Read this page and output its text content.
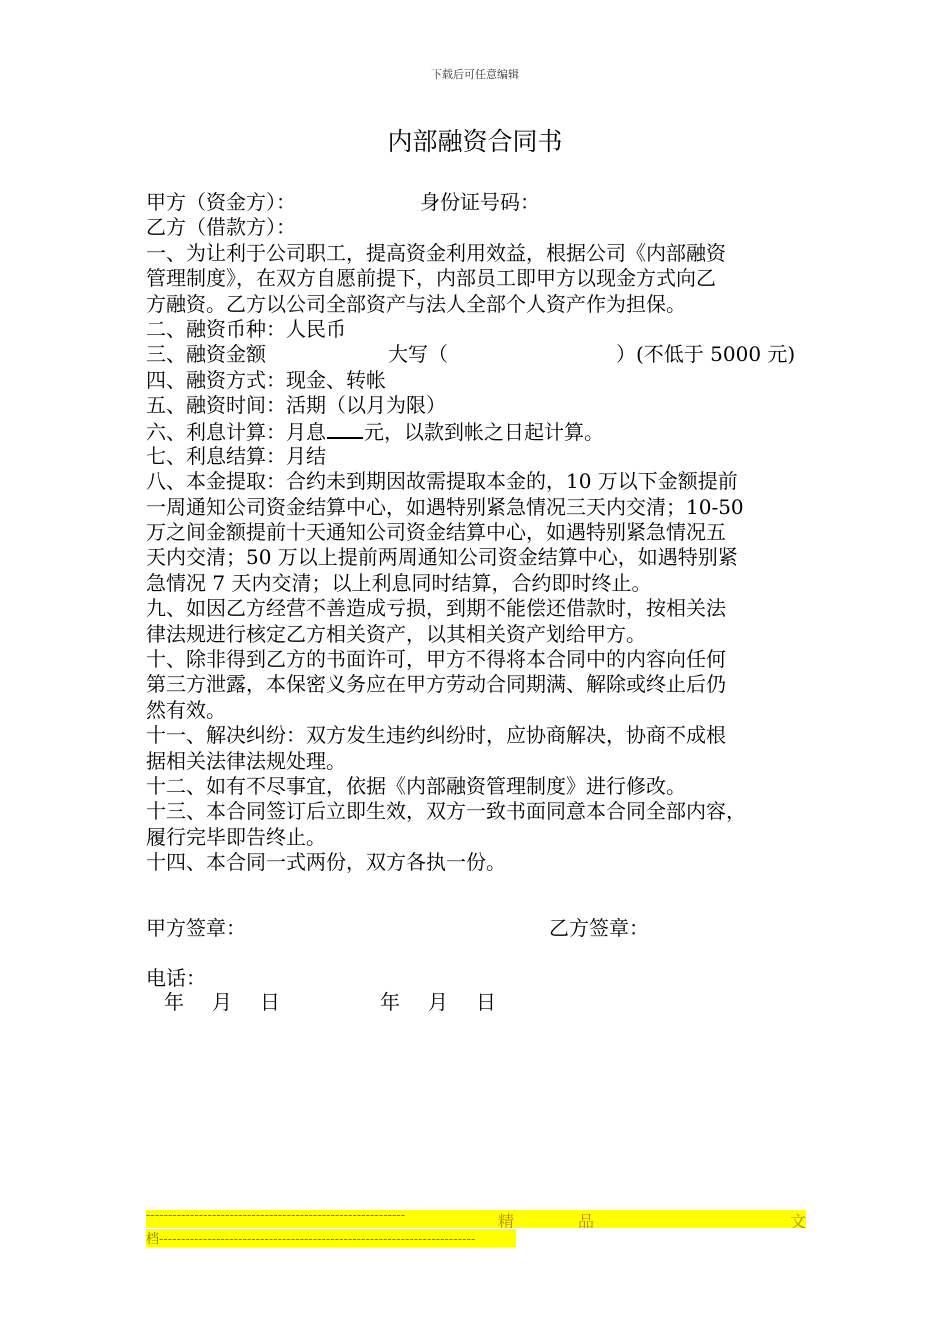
下载后可任意编辑
内部融资合同书
甲方（资金方）：	身份证号码：
乙方（借款方）：
一、为让利于公司职工，提高资金利用效益，根据公司《内部融资
管理制度》，在双方自愿前提下，内部员工即甲方以现金方式向乙
方融资。乙方以公司全部资产与法人全部个人资产作为担保。
二、融资币种：人民币
三、融资金额	大写（	）(不低于 5000 元)
四、融资方式：现金、转帐
五、融资时间：活期（以月为限）
六、利息计算：月息 元，以款到帐之日起计算。
七、利息结算：月结
八、本金提取：合约未到期因故需提取本金的，10 万以下金额提前
一周通知公司资金结算中心，如遇特别紧急情况三天内交清；10-50
万之间金额提前十天通知公司资金结算中心，如遇特别紧急情况五
天内交清；50 万以上提前两周通知公司资金结算中心，如遇特别紧
急情况 7 天内交清；以上利息同时结算，合约即时终止。
九、如因乙方经营不善造成亏损，到期不能偿还借款时，按相关法
律法规进行核定乙方相关资产，以其相关资产划给甲方。
十、除非得到乙方的书面许可，甲方不得将本合同中的内容向任何
第三方泄露，本保密义务应在甲方劳动合同期满、解除或终止后仍
然有效。
十一、解决纠纷：双方发生违约纠纷时，应协商解决，协商不成根
据相关法律法规处理。
十二、如有不尽事宜，依据《内部融资管理制度》进行修改。
十三、本合同签订后立即生效，双方一致书面同意本合同全部内容，
履行完毕即告终止。
十四、本合同一式两份，双方各执一份。
甲方签章：	乙方签章：
电话：
年 月 日	年 月 日
-----------------------------------------------------------	精	品	文
档------------------------------------------------------------------------
